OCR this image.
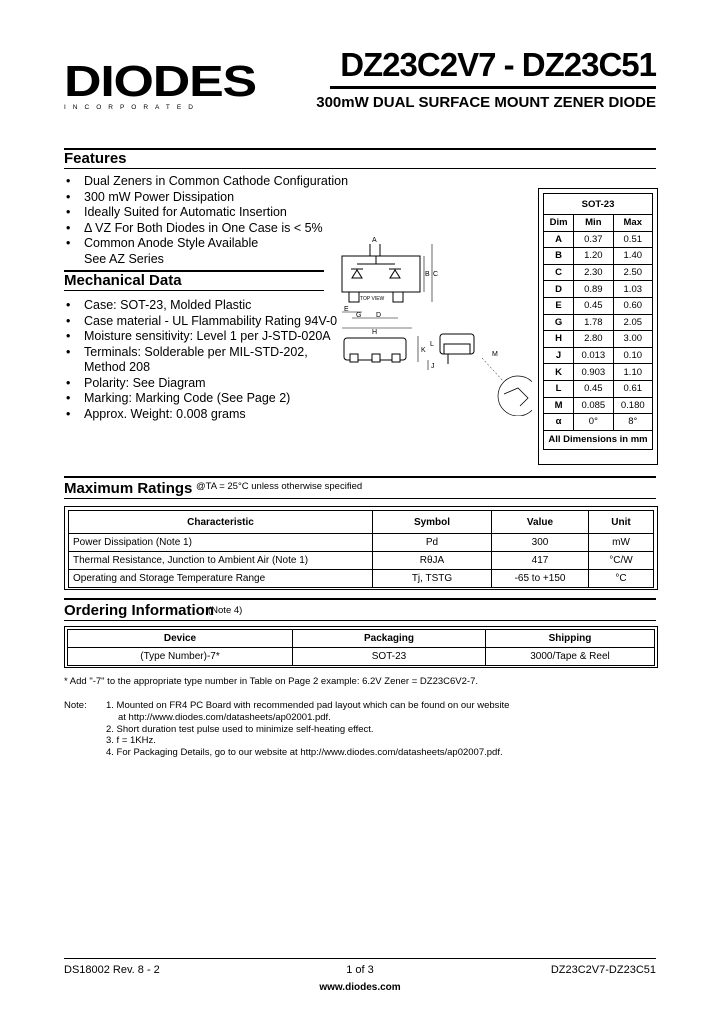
DIODES
INCORPORATED
DZ23C2V7 - DZ23C51
300mW DUAL SURFACE MOUNT ZENER DIODE
Features
• Dual Zeners in Common Cathode Configuration
• 300 mW Power Dissipation
• Ideally Suited for Automatic Insertion
• Δ VZ For Both Diodes in One Case is < 5%
• Common Anode Style Available
See AZ Series
Mechanical Data
• Case: SOT-23, Molded Plastic
• Case material - UL Flammability Rating 94V-0
• Moisture sensitivity: Level 1 per J-STD-020A
• Terminals: Solderable per MIL-STD-202,
Method 208
• Polarity: See Diagram
• Marking: Marking Code (See Page 2)
• Approx. Weight: 0.008 grams
TOP VIEW
B C
A
E
G D
H
K
J
L
M
SOT-23		
Dim	Min	Max
A	0.37	0.51
B	1.20	1.40
C	2.30	2.50
D	0.89	1.03
E	0.45	0.60
G	1.78	2.05
H	2.80	3.00
J	0.013	0.10
K	0.903	1.10
L	0.45	0.61
M	0.085	0.180
α	0°	8°
All Dimensions in mm		
Maximum Ratings @TA = 25°C unless otherwise specified
Characteristic	Symbol	Value	Unit
Power Dissipation (Note 1)	Pd	300	mW
Thermal Resistance, Junction to Ambient Air (Note 1)	RθJA	417	°C/W
Operating and Storage Temperature Range	Tj, TSTG	-65 to +150	°C
Ordering Information
(Note 4)
Device	Packaging	Shipping
(Type Number)-7*	SOT-23	3000/Tape & Reel
* Add "-7" to the appropriate type number in Table on Page 2 example: 6.2V Zener = DZ23C6V2-7.
Note: 1. Mounted on FR4 PC Board with recommended pad layout which can be found on our website
at http://www.diodes.com/datasheets/ap02001.pdf.
2. Short duration test pulse used to minimize self-heating effect.
3. f = 1KHz.
4. For Packaging Details, go to our website at http://www.diodes.com/datasheets/ap02007.pdf.
DS18002 Rev. 8 - 2	1 of 3
www.diodes.com
DZ23C2V7-DZ23C51
